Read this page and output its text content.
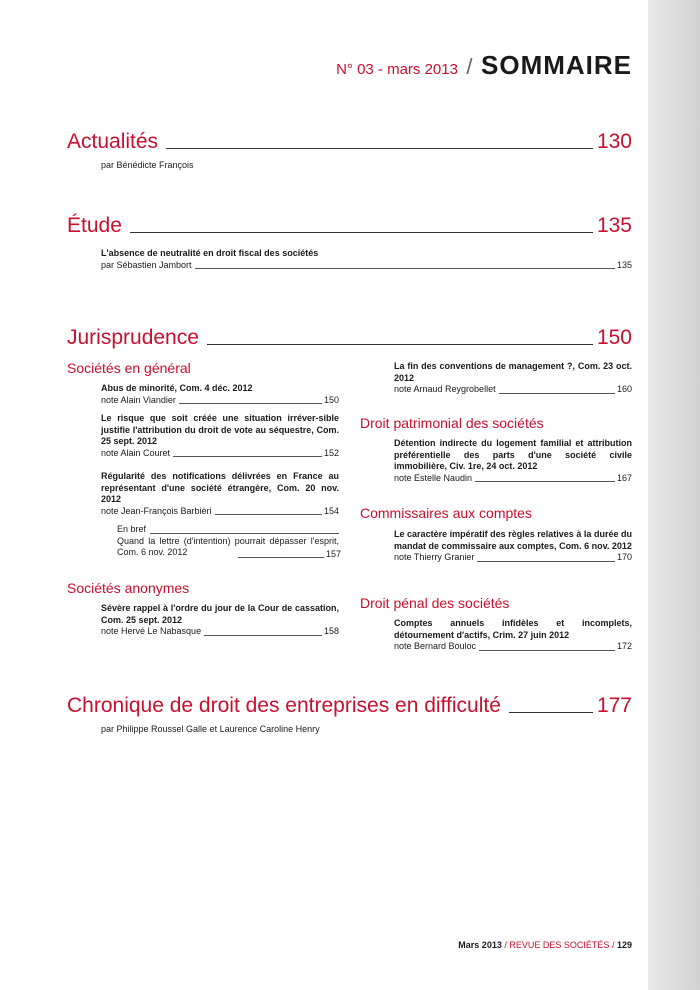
N° 03 - mars 2013 / SOMMAIRE
Actualités	130
par Bénédicte François
Étude	135
L'absence de neutralité en droit fiscal des sociétés
par Sébastien Jambort	135
Jurisprudence	150
Sociétés en général
Abus de minorité, Com. 4 déc. 2012
note Alain Viandier	150
Le risque que soit créée une situation irréver-sible justifie l'attribution du droit de vote au séquestre, Com. 25 sept. 2012
note Alain Couret	152
Régularité des notifications délivrées en France au représentant d'une société étrangère, Com. 20 nov. 2012
note Jean-François Barbièri	154
En bref
Quand la lettre (d'intention) pourrait dépasser l'esprit, Com. 6 nov. 2012	157
Sociétés anonymes
Sévère rappel à l'ordre du jour de la Cour de cassation, Com. 25 sept. 2012
note Hervé Le Nabasque	158
La fin des conventions de management ?, Com. 23 oct. 2012
note Arnaud Reygrobellet	160
Droit patrimonial des sociétés
Détention indirecte du logement familial et attribution préférentielle des parts d'une société civile immobilière, Civ. 1re, 24 oct. 2012
note Estelle Naudin	167
Commissaires aux comptes
Le caractère impératif des règles relatives à la durée du mandat de commissaire aux comptes, Com. 6 nov. 2012
note Thierry Granier	170
Droit pénal des sociétés
Comptes annuels infidèles et incomplets, détournement d'actifs, Crim. 27 juin 2012
note Bernard Bouloc	172
Chronique de droit des entreprises en difficulté	177
par Philippe Roussel Galle et Laurence Caroline Henry
Mars 2013 / REVUE DES SOCIÉTÉS / 129
